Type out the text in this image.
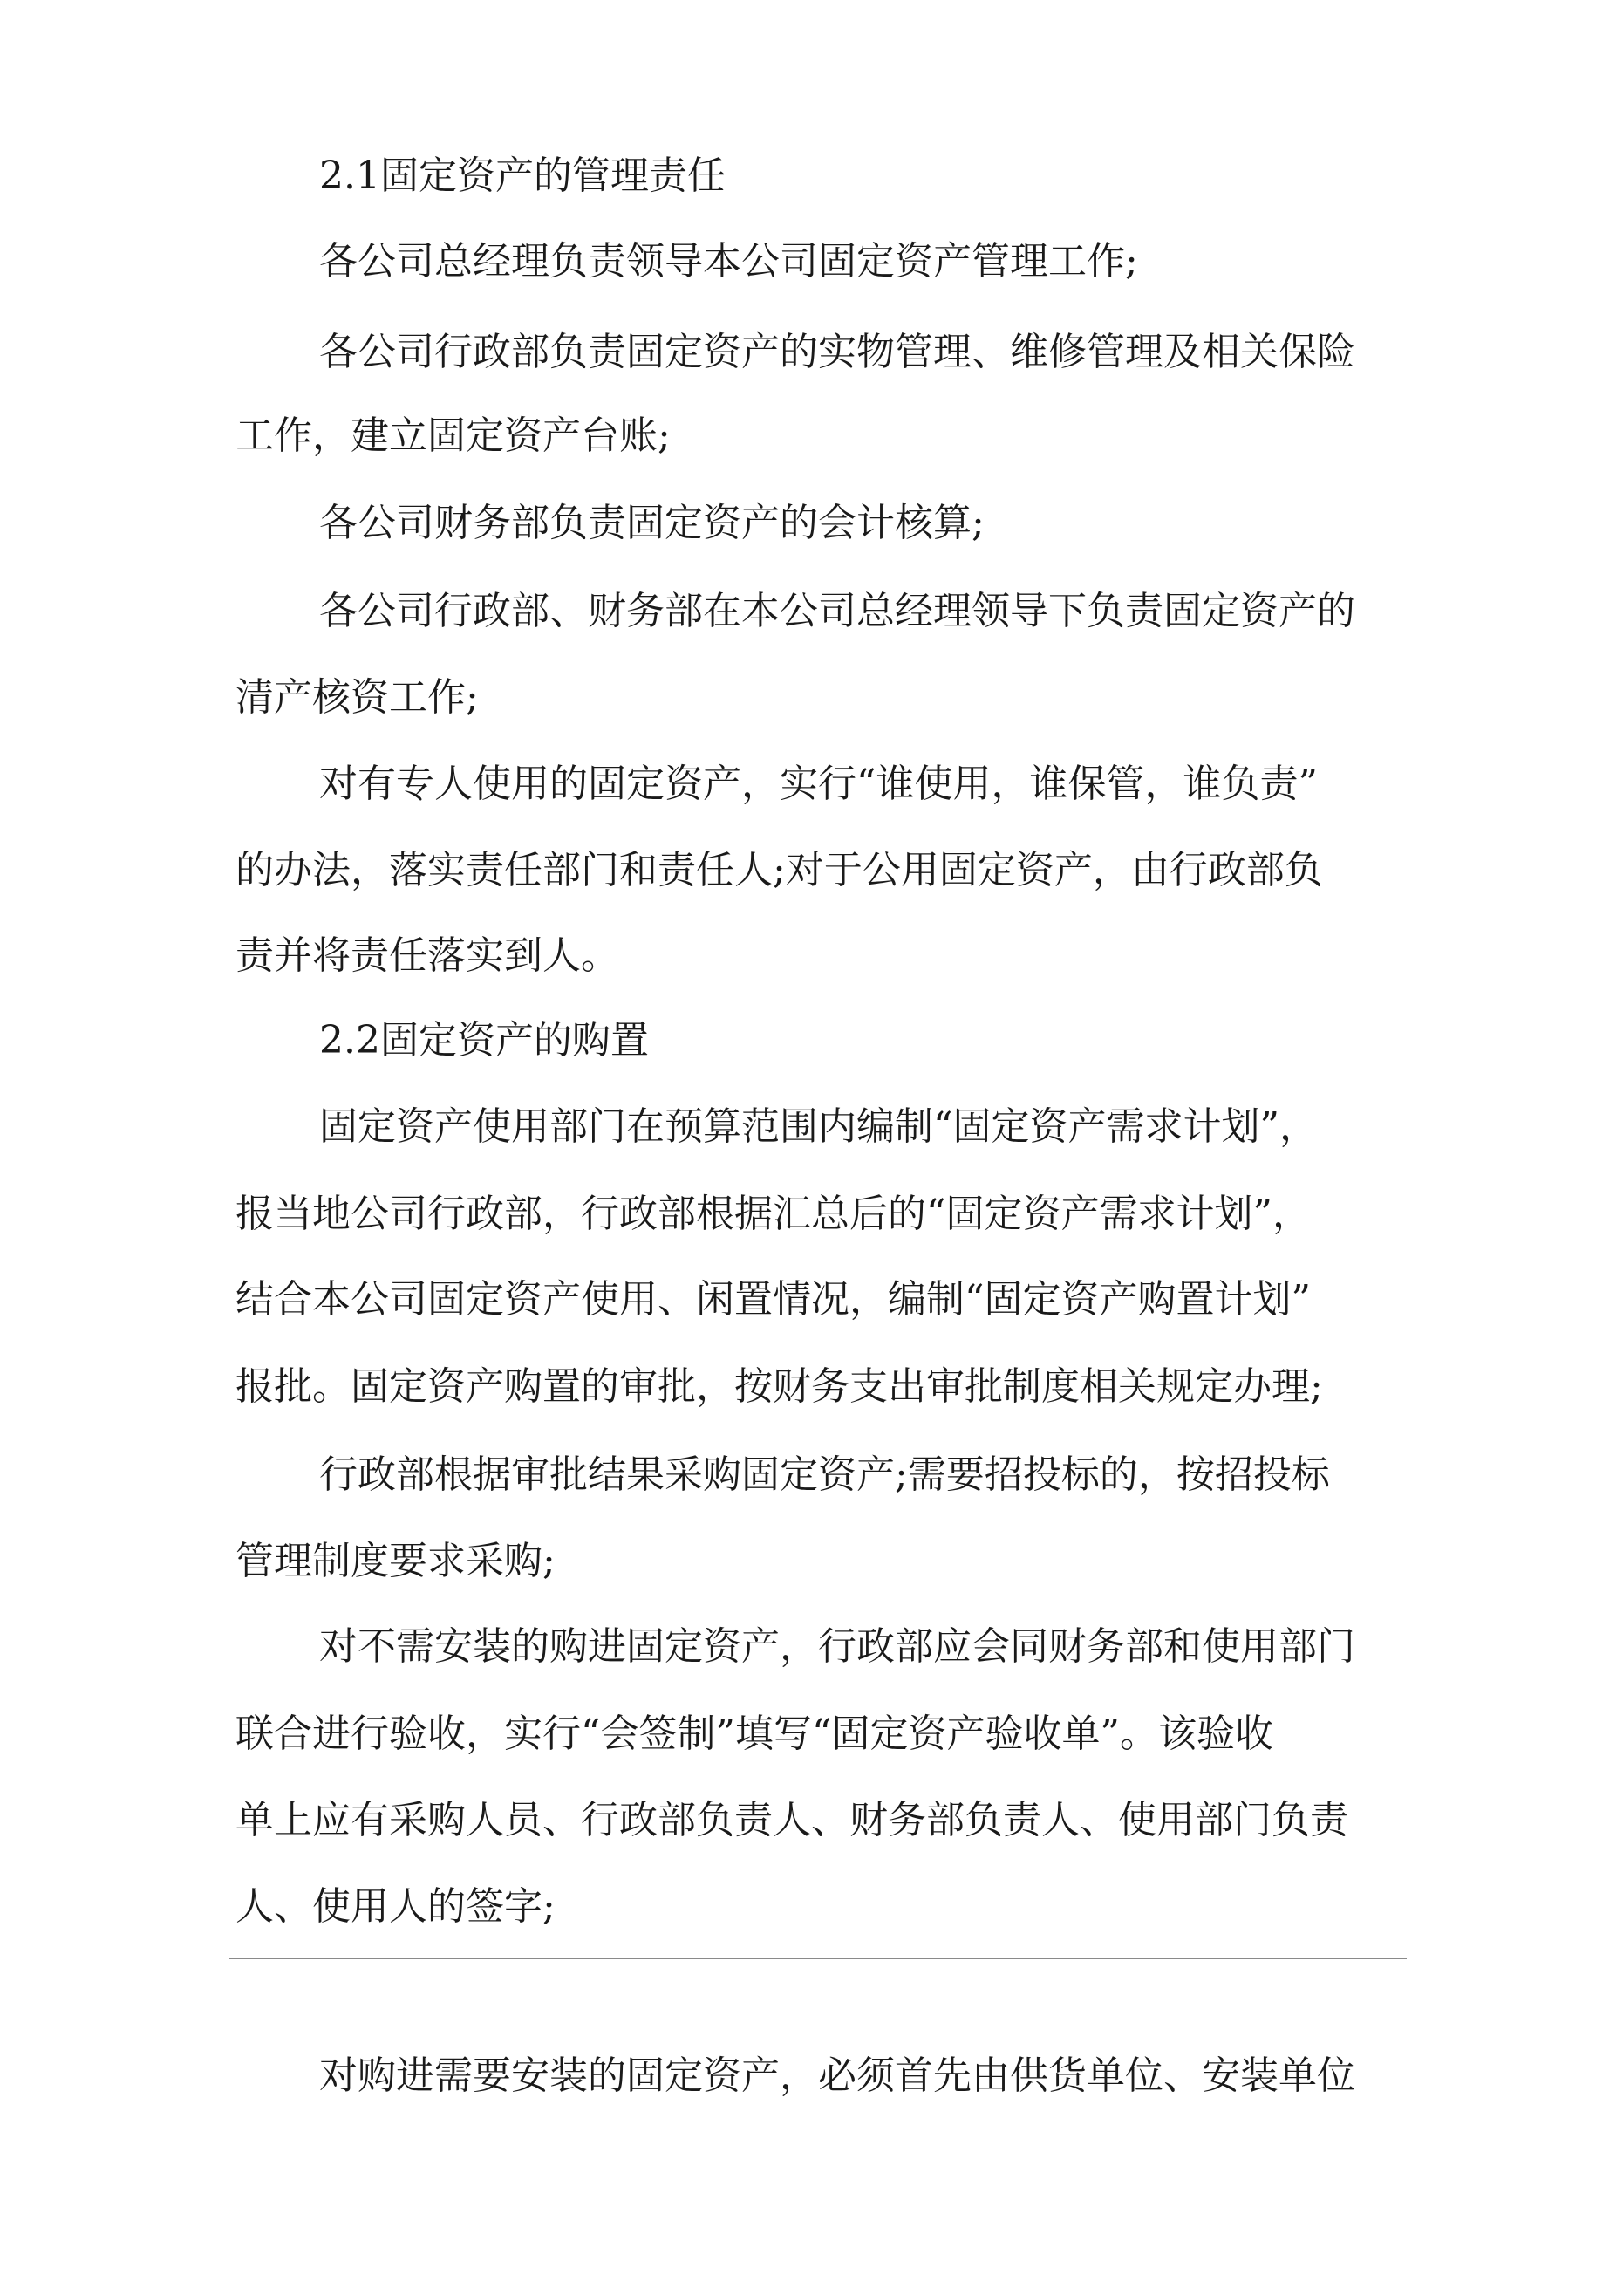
2.1固定资产的管理责任
各公司总经理负责领导本公司固定资产管理工作;
各公司行政部负责固定资产的实物管理、维修管理及相关保险
工作，建立固定资产台账;
各公司财务部负责固定资产的会计核算;
各公司行政部、财务部在本公司总经理领导下负责固定资产的
清产核资工作;
对有专人使用的固定资产，实行“谁使用，谁保管，谁负责”
的办法，落实责任部门和责任人;对于公用固定资产，由行政部负
责并将责任落实到人。
2.2固定资产的购置
固定资产使用部门在预算范围内编制“固定资产需求计划”，
报当地公司行政部，行政部根据汇总后的“固定资产需求计划”，
结合本公司固定资产使用、闲置情况，编制“固定资产购置计划”
报批。固定资产购置的审批，按财务支出审批制度相关规定办理;
行政部根据审批结果采购固定资产;需要招投标的，按招投标
管理制度要求采购;
对不需安装的购进固定资产，行政部应会同财务部和使用部门
联合进行验收，实行“会签制”填写“固定资产验收单”。该验收
单上应有采购人员、行政部负责人、财务部负责人、使用部门负责
人、使用人的签字;
对购进需要安装的固定资产，必须首先由供货单位、安装单位
